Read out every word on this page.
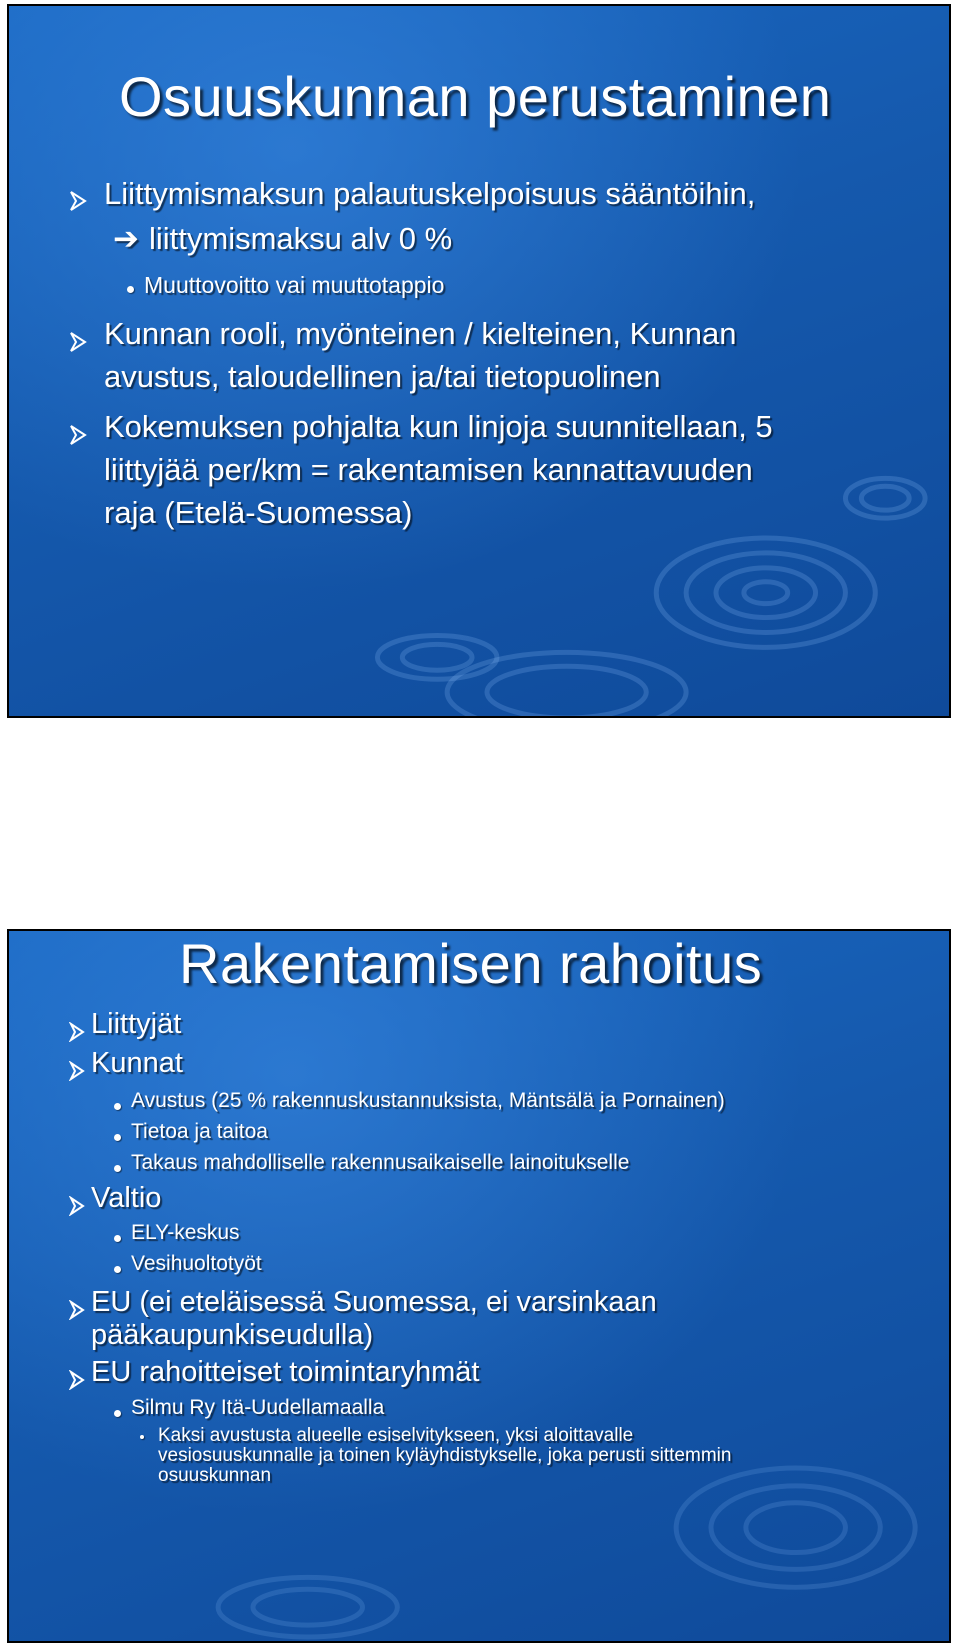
Osuuskunnan perustaminen
Liittymismaksun palautuskelpoisuus sääntöihin,
➔ liittymismaksu alv 0 %
Muuttovoitto vai muuttotappio
Kunnan rooli, myönteinen / kielteinen, Kunnan
avustus, taloudellinen ja/tai tietopuolinen
Kokemuksen pohjalta kun linjoja suunnitellaan, 5
liittyjää per/km = rakentamisen kannattavuuden
raja (Etelä-Suomessa)
Rakentamisen rahoitus
Liittyjät
Kunnat
Avustus (25 % rakennuskustannuksista, Mäntsälä ja Pornainen)
Tietoa ja taitoa
Takaus mahdolliselle rakennusaikaiselle lainoitukselle
Valtio
ELY-keskus
Vesihuoltotyöt
EU (ei eteläisessä Suomessa, ei varsinkaan
pääkaupunkiseudulla)
EU rahoitteiset toimintaryhmät
Silmu Ry Itä-Uudellamaalla
Kaksi avustusta alueelle esiselvitykseen, yksi aloittavalle
vesiosuuskunnalle ja toinen kyläyhdistykselle, joka perusti sittemmin
osuuskunnan
